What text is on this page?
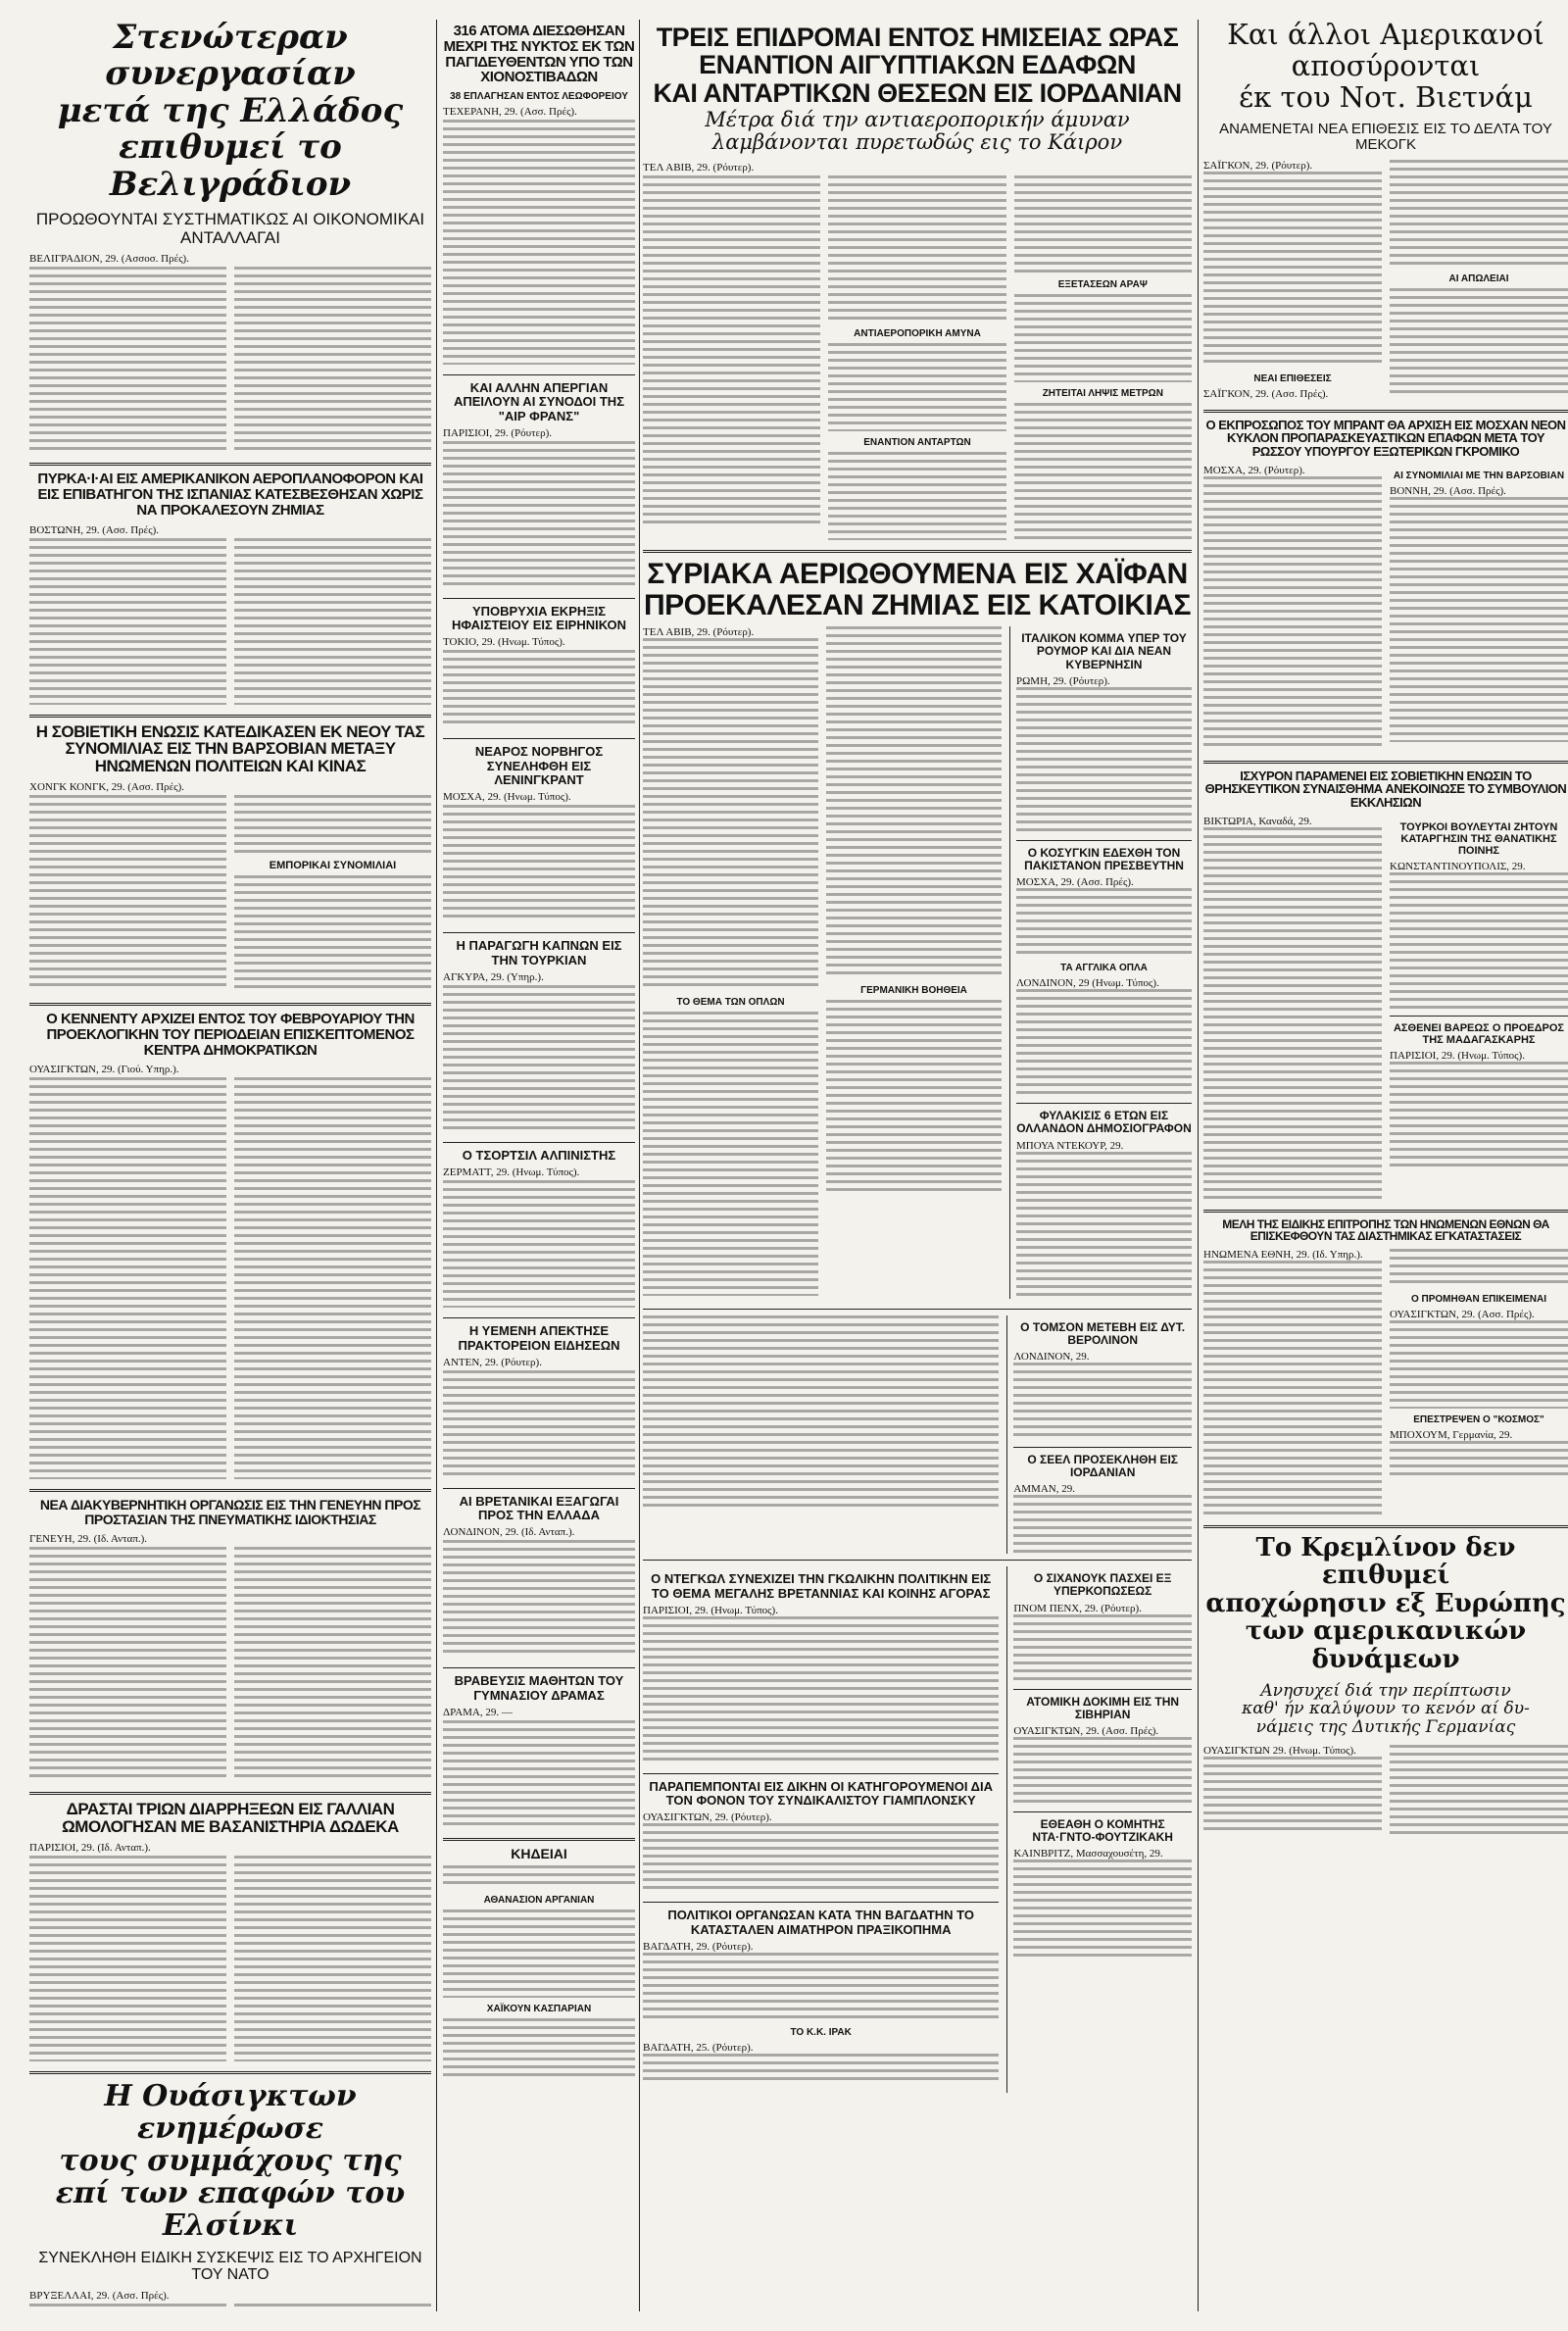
Στενώτεραν συνεργασίαν
μετά της Ελλάδος
επιθυμεί το Βελιγράδιον
ΠΡΟΩΘΟΥΝΤΑΙ ΣΥΣΤΗΜΑΤΙΚΩΣ ΑΙ ΟΙΚΟΝΟΜΙΚΑΙ ΑΝΤΑΛΛΑΓΑΙ

ΒΕΛΙΓΡΑΔΙΟΝ, 29. (Ασσοσ. Πρές).

ΠΥΡΚΑ·Ι·ΑΙ ΕΙΣ ΑΜΕΡΙΚΑΝΙΚΟΝ ΑΕΡΟΠΛΑΝΟΦΟΡΟΝ ΚΑΙ ΕΙΣ ΕΠΙΒΑΤΗΓΟΝ ΤΗΣ ΙΣΠΑΝΙΑΣ ΚΑΤΕΣΒΕΣΘΗΣΑΝ ΧΩΡΙΣ ΝΑ ΠΡΟΚΑΛΕΣΟΥΝ ΖΗΜΙΑΣ

ΒΟΣΤΩΝΗ, 29. (Ασσ. Πρές).

Η ΣΟΒΙΕΤΙΚΗ ΕΝΩΣΙΣ ΚΑΤΕΔΙΚΑΣΕΝ ΕΚ ΝΕΟΥ ΤΑΣ ΣΥΝΟΜΙΛΙΑΣ ΕΙΣ ΤΗΝ ΒΑΡΣΟΒΙΑΝ ΜΕΤΑΞΥ ΗΝΩΜΕΝΩΝ ΠΟΛΙΤΕΙΩΝ ΚΑΙ ΚΙΝΑΣ

ΧΟΝΓΚ ΚΟΝΓΚ, 29. (Ασσ. Πρές).

ΕΜΠΟΡΙΚΑΙ ΣΥΝΟΜΙΛΙΑΙ
Ο ΚΕΝΝΕΝΤΥ ΑΡΧΙΖΕΙ ΕΝΤΟΣ ΤΟΥ ΦΕΒΡΟΥΑΡΙΟΥ ΤΗΝ ΠΡΟΕΚΛΟΓΙΚΗΝ ΤΟΥ ΠΕΡΙΟΔΕΙΑΝ ΕΠΙΣΚΕΠΤΟΜΕΝΟΣ ΚΕΝΤΡΑ ΔΗΜΟΚΡΑΤΙΚΩΝ

ΟΥΑΣΙΓΚΤΩΝ, 29. (Γιού. Υπηρ.).

ΝΕΑ ΔΙΑΚΥΒΕΡΝΗΤΙΚΗ ΟΡΓΑΝΩΣΙΣ ΕΙΣ ΤΗΝ ΓΕΝΕΥΗΝ ΠΡΟΣ ΠΡΟΣΤΑΣΙΑΝ ΤΗΣ ΠΝΕΥΜΑΤΙΚΗΣ ΙΔΙΟΚΤΗΣΙΑΣ

ΓΕΝΕΥΗ, 29. (Ιδ. Ανταπ.).

ΔΡΑΣΤΑΙ ΤΡΙΩΝ ΔΙΑΡΡΗΞΕΩΝ ΕΙΣ ΓΑΛΛΙΑΝ ΩΜΟΛΟΓΗΣΑΝ ΜΕ ΒΑΣΑΝΙΣΤΗΡΙΑ ΔΩΔΕΚΑ

ΠΑΡΙΣΙΟΙ, 29. (Ιδ. Ανταπ.).

Η Ουάσιγκτων ενημέρωσε
τους συμμάχους της
επί των επαφών του Ελσίνκι
ΣΥΝΕΚΛΗΘΗ ΕΙΔΙΚΗ ΣΥΣΚΕΨΙΣ ΕΙΣ ΤΟ ΑΡΧΗΓΕΙΟΝ ΤΟΥ ΝΑΤΟ

ΒΡΥΞΕΛΛΑΙ, 29. (Ασσ. Πρές).

316 ΑΤΟΜΑ ΔΙΕΣΩΘΗΣΑΝ ΜΕΧΡΙ ΤΗΣ ΝΥΚΤΟΣ ΕΚ ΤΩΝ ΠΑΓΙΔΕΥΘΕΝΤΩΝ ΥΠΟ ΤΩΝ ΧΙΟΝΟΣΤΙΒΑΔΩΝ
38 ΕΠΛΑΓΗΣΑΝ ΕΝΤΟΣ ΛΕΩΦΟΡΕΙΟΥ

ΤΕΧΕΡΑΝΗ, 29. (Ασσ. Πρές).

ΚΑΙ ΑΛΛΗΝ ΑΠΕΡΓΙΑΝ ΑΠΕΙΛΟΥΝ ΑΙ ΣΥΝΟΔΟΙ ΤΗΣ "ΑΙΡ ΦΡΑΝΣ"

ΠΑΡΙΣΙΟΙ, 29. (Ρόυτερ).

ΥΠΟΒΡΥΧΙΑ ΕΚΡΗΞΙΣ ΗΦΑΙΣΤΕΙΟΥ ΕΙΣ ΕΙΡΗΝΙΚΟΝ

ΤΟΚΙΟ, 29. (Ηνωμ. Τύπος).

ΝΕΑΡΟΣ ΝΟΡΒΗΓΟΣ ΣΥΝΕΛΗΦΘΗ ΕΙΣ ΛΕΝΙΝΓΚΡΑΝΤ

ΜΟΣΧΑ, 29. (Ηνωμ. Τύπος).

Η ΠΑΡΑΓΩΓΗ ΚΑΠΝΩΝ ΕΙΣ ΤΗΝ ΤΟΥΡΚΙΑΝ

ΑΓΚΥΡΑ, 29. (Υπηρ.).

Ο ΤΣΟΡΤΣΙΛ ΑΛΠΙΝΙΣΤΗΣ

ΖΕΡΜΑΤΤ, 29. (Ηνωμ. Τύπος).

Η ΥΕΜΕΝΗ ΑΠΕΚΤΗΣΕ ΠΡΑΚΤΟΡΕΙΟΝ ΕΙΔΗΣΕΩΝ

ΑΝΤΕΝ, 29. (Ρόυτερ).

ΑΙ ΒΡΕΤΑΝΙΚΑΙ ΕΞΑΓΩΓΑΙ ΠΡΟΣ ΤΗΝ ΕΛΛΑΔΑ

ΛΟΝΔΙΝΟΝ, 29. (Ιδ. Ανταπ.).

ΒΡΑΒΕΥΣΙΣ ΜΑΘΗΤΩΝ ΤΟΥ ΓΥΜΝΑΣΙΟΥ ΔΡΑΜΑΣ

ΔΡΑΜΑ, 29. —

ΚΗΔΕΙΑΙ
ΑΘΑΝΑΣΙΟΝ ΑΡΓΑΝΙΑΝ
ΧΑΪΚΟΥΝ ΚΑΣΠΑΡΙΑΝ
ΤΡΕΙΣ ΕΠΙΔΡΟΜΑΙ ΕΝΤΟΣ ΗΜΙΣΕΙΑΣ ΩΡΑΣ
ΕΝΑΝΤΙΟΝ ΑΙΓΥΠΤΙΑΚΩΝ ΕΔΑΦΩΝ
ΚΑΙ ΑΝΤΑΡΤΙΚΩΝ ΘΕΣΕΩΝ ΕΙΣ ΙΟΡΔΑΝΙΑΝ
Μέτρα διά την αντιαεροπορικήν άμυναν
λαμβάνονται πυρετωδώς εις το Κάιρον

ΤΕΛ ΑΒΙΒ, 29. (Ρόυτερ).

ΑΝΤΙΑΕΡΟΠΟΡΙΚΗ ΑΜΥΝΑ
ΕΝΑΝΤΙΟΝ ΑΝΤΑΡΤΩΝ
ΕΞΕΤΑΣΕΩΝ ΑΡΑΨ
ΖΗΤΕΙΤΑΙ ΛΗΨΙΣ ΜΕΤΡΩΝ
ΣΥΡΙΑΚΑ ΑΕΡΙΩΘΟΥΜΕΝΑ ΕΙΣ ΧΑΪΦΑΝ
ΠΡΟΕΚΑΛΕΣΑΝ ΖΗΜΙΑΣ ΕΙΣ ΚΑΤΟΙΚΙΑΣ

ΤΕΛ ΑΒΙΒ, 29. (Ρόυτερ).

ΤΟ ΘΕΜΑ ΤΩΝ ΟΠΛΩΝ
ΓΕΡΜΑΝΙΚΗ ΒΟΗΘΕΙΑ
ΙΤΑΛΙΚΟΝ ΚΟΜΜΑ ΥΠΕΡ ΤΟΥ ΡΟΥΜΟΡ ΚΑΙ ΔΙΑ ΝΕΑΝ ΚΥΒΕΡΝΗΣΙΝ

ΡΩΜΗ, 29. (Ρόυτερ).

Ο ΚΟΣΥΓΚΙΝ ΕΔΕΧΘΗ ΤΟΝ ΠΑΚΙΣΤΑΝΟΝ ΠΡΕΣΒΕΥΤΗΝ

ΜΟΣΧΑ, 29. (Ασσ. Πρές).

ΤΑ ΑΓΓΛΙΚΑ ΟΠΛΑ

ΛΟΝΔΙΝΟΝ, 29 (Ηνωμ. Τύπος).

ΦΥΛΑΚΙΣΙΣ 6 ΕΤΩΝ ΕΙΣ ΟΛΛΑΝΔΟΝ ΔΗΜΟΣΙΟΓΡΑΦΟΝ

ΜΠΟΥΑ ΝΤΕΚΟΥΡ, 29.

Ο ΤΟΜΣΟΝ ΜΕΤΕΒΗ ΕΙΣ ΔΥΤ. ΒΕΡΟΛΙΝΟΝ

ΛΟΝΔΙΝΟΝ, 29.

Ο ΣΕΕΛ ΠΡΟΣΕΚΛΗΘΗ ΕΙΣ ΙΟΡΔΑΝΙΑΝ

ΑΜΜΑΝ, 29.

Ο ΝΤΕΓΚΩΛ ΣΥΝΕΧΙΖΕΙ ΤΗΝ ΓΚΩΛΙΚΗΝ ΠΟΛΙΤΙΚΗΝ ΕΙΣ ΤΟ ΘΕΜΑ ΜΕΓΑΛΗΣ ΒΡΕΤΑΝΝΙΑΣ ΚΑΙ ΚΟΙΝΗΣ ΑΓΟΡΑΣ

ΠΑΡΙΣΙΟΙ, 29. (Ηνωμ. Τύπος).

ΠΑΡΑΠΕΜΠΟΝΤΑΙ ΕΙΣ ΔΙΚΗΝ ΟΙ ΚΑΤΗΓΟΡΟΥΜΕΝΟΙ ΔΙΑ ΤΟΝ ΦΟΝΟΝ ΤΟΥ ΣΥΝΔΙΚΑΛΙΣΤΟΥ ΓΙΑΜΠΛΟΝΣΚΥ

ΟΥΑΣΙΓΚΤΩΝ, 29. (Ρόυτερ).

ΠΟΛΙΤΙΚΟΙ ΟΡΓΑΝΩΣΑΝ ΚΑΤΑ ΤΗΝ ΒΑΓΔΑΤΗΝ ΤΟ ΚΑΤΑΣΤΑΛΕΝ ΑΙΜΑΤΗΡΟΝ ΠΡΑΞΙΚΟΠΗΜΑ

ΒΑΓΔΑΤΗ, 29. (Ρόυτερ).

ΤΟ Κ.Κ. ΙΡΑΚ

ΒΑΓΔΑΤΗ, 25. (Ρόυτερ).

Ο ΣΙΧΑΝΟΥΚ ΠΑΣΧΕΙ ΕΞ ΥΠΕΡΚΟΠΩΣΕΩΣ

ΠΝΟΜ ΠΕΝΧ, 29. (Ρόυτερ).

ΑΤΟΜΙΚΗ ΔΟΚΙΜΗ ΕΙΣ ΤΗΝ ΣΙΒΗΡΙΑΝ

ΟΥΑΣΙΓΚΤΩΝ, 29. (Ασσ. Πρές).

ΕΘΕΑΘΗ Ο ΚΟΜΗΤΗΣ ΝΤΑ·ΓΝΤΟ-ΦΟΥΤΖΙΚΑΚΗ

ΚΑΙΝΒΡΙΤΖ, Μασσαχουσέτη, 29.

Και άλλοι Αμερικανοί
αποσύρονται
έκ του Νοτ. Βιετνάμ
ΑΝΑΜΕΝΕΤΑΙ ΝΕΑ ΕΠΙΘΕΣΙΣ ΕΙΣ ΤΟ ΔΕΛΤΑ ΤΟΥ ΜΕΚΟΓΚ

ΣΑΪΓΚΟΝ, 29. (Ρόυτερ).

ΝΕΑΙ ΕΠΙΘΕΣΕΙΣ

ΣΑΪΓΚΟΝ, 29. (Ασσ. Πρές).

ΑΙ ΑΠΩΛΕΙΑΙ
Ο ΕΚΠΡΟΣΩΠΟΣ ΤΟΥ ΜΠΡΑΝΤ ΘΑ ΑΡΧΙΣΗ ΕΙΣ ΜΟΣΧΑΝ ΝΕΟΝ ΚΥΚΛΟΝ ΠΡΟΠΑΡΑΣΚΕΥΑΣΤΙΚΩΝ ΕΠΑΦΩΝ ΜΕΤΑ ΤΟΥ ΡΩΣΣΟΥ ΥΠΟΥΡΓΟΥ ΕΞΩΤΕΡΙΚΩΝ ΓΚΡΟΜΙΚΟ

ΜΟΣΧΑ, 29. (Ρόυτερ).	ΑΙ ΣΥΝΟΜΙΛΙΑΙ ΜΕ ΤΗΝ ΒΑΡΣΟΒΙΑΝ

ΒΟΝΝΗ, 29. (Ασσ. Πρές).

ΙΣΧΥΡΟΝ ΠΑΡΑΜΕΝΕΙ ΕΙΣ ΣΟΒΙΕΤΙΚΗΝ ΕΝΩΣΙΝ ΤΟ ΘΡΗΣΚΕΥΤΙΚΟΝ ΣΥΝΑΙΣΘΗΜΑ ΑΝΕΚΟΙΝΩΣΕ ΤΟ ΣΥΜΒΟΥΛΙΟΝ ΕΚΚΛΗΣΙΩΝ

ΒΙΚΤΩΡΙΑ, Καναδά, 29.	ΤΟΥΡΚΟΙ ΒΟΥΛΕΥΤΑΙ ΖΗΤΟΥΝ ΚΑΤΑΡΓΗΣΙΝ ΤΗΣ ΘΑΝΑΤΙΚΗΣ ΠΟΙΝΗΣ

ΚΩΝΣΤΑΝΤΙΝΟΥΠΟΛΙΣ, 29.

ΑΣΘΕΝΕΙ ΒΑΡΕΩΣ Ο ΠΡΟΕΔΡΟΣ ΤΗΣ ΜΑΔΑΓΑΣΚΑΡΗΣ

ΠΑΡΙΣΙΟΙ, 29. (Ηνωμ. Τύπος).

ΜΕΛΗ ΤΗΣ ΕΙΔΙΚΗΣ ΕΠΙΤΡΟΠΗΣ ΤΩΝ ΗΝΩΜΕΝΩΝ ΕΘΝΩΝ ΘΑ ΕΠΙΣΚΕΦΘΟΥΝ ΤΑΣ ΔΙΑΣΤΗΜΙΚΑΣ ΕΓΚΑΤΑΣΤΑΣΕΙΣ

ΗΝΩΜΕΝΑ ΕΘΝΗ, 29. (Ιδ. Υπηρ.).

Ο ΠΡΟΜΗΘΑΝ ΕΠΙΚΕΙΜΕΝΑΙ

ΟΥΑΣΙΓΚΤΩΝ, 29. (Ασσ. Πρές).

ΕΠΕΣΤΡΕΨΕΝ Ο "ΚΟΣΜΟΣ"

ΜΠΟΧΟΥΜ, Γερμανία, 29.

Το Κρεμλίνον δεν επιθυμεί
αποχώρησιν εξ Ευρώπης
των αμερικανικών δυνάμεων
Ανησυχεί διά την περίπτωσιν
καθ' ήν καλύψουν το κενόν αί δυ-
νάμεις της Δυτικής Γερμανίας

ΟΥΑΣΙΓΚΤΩΝ 29. (Ηνωμ. Τύπος).
